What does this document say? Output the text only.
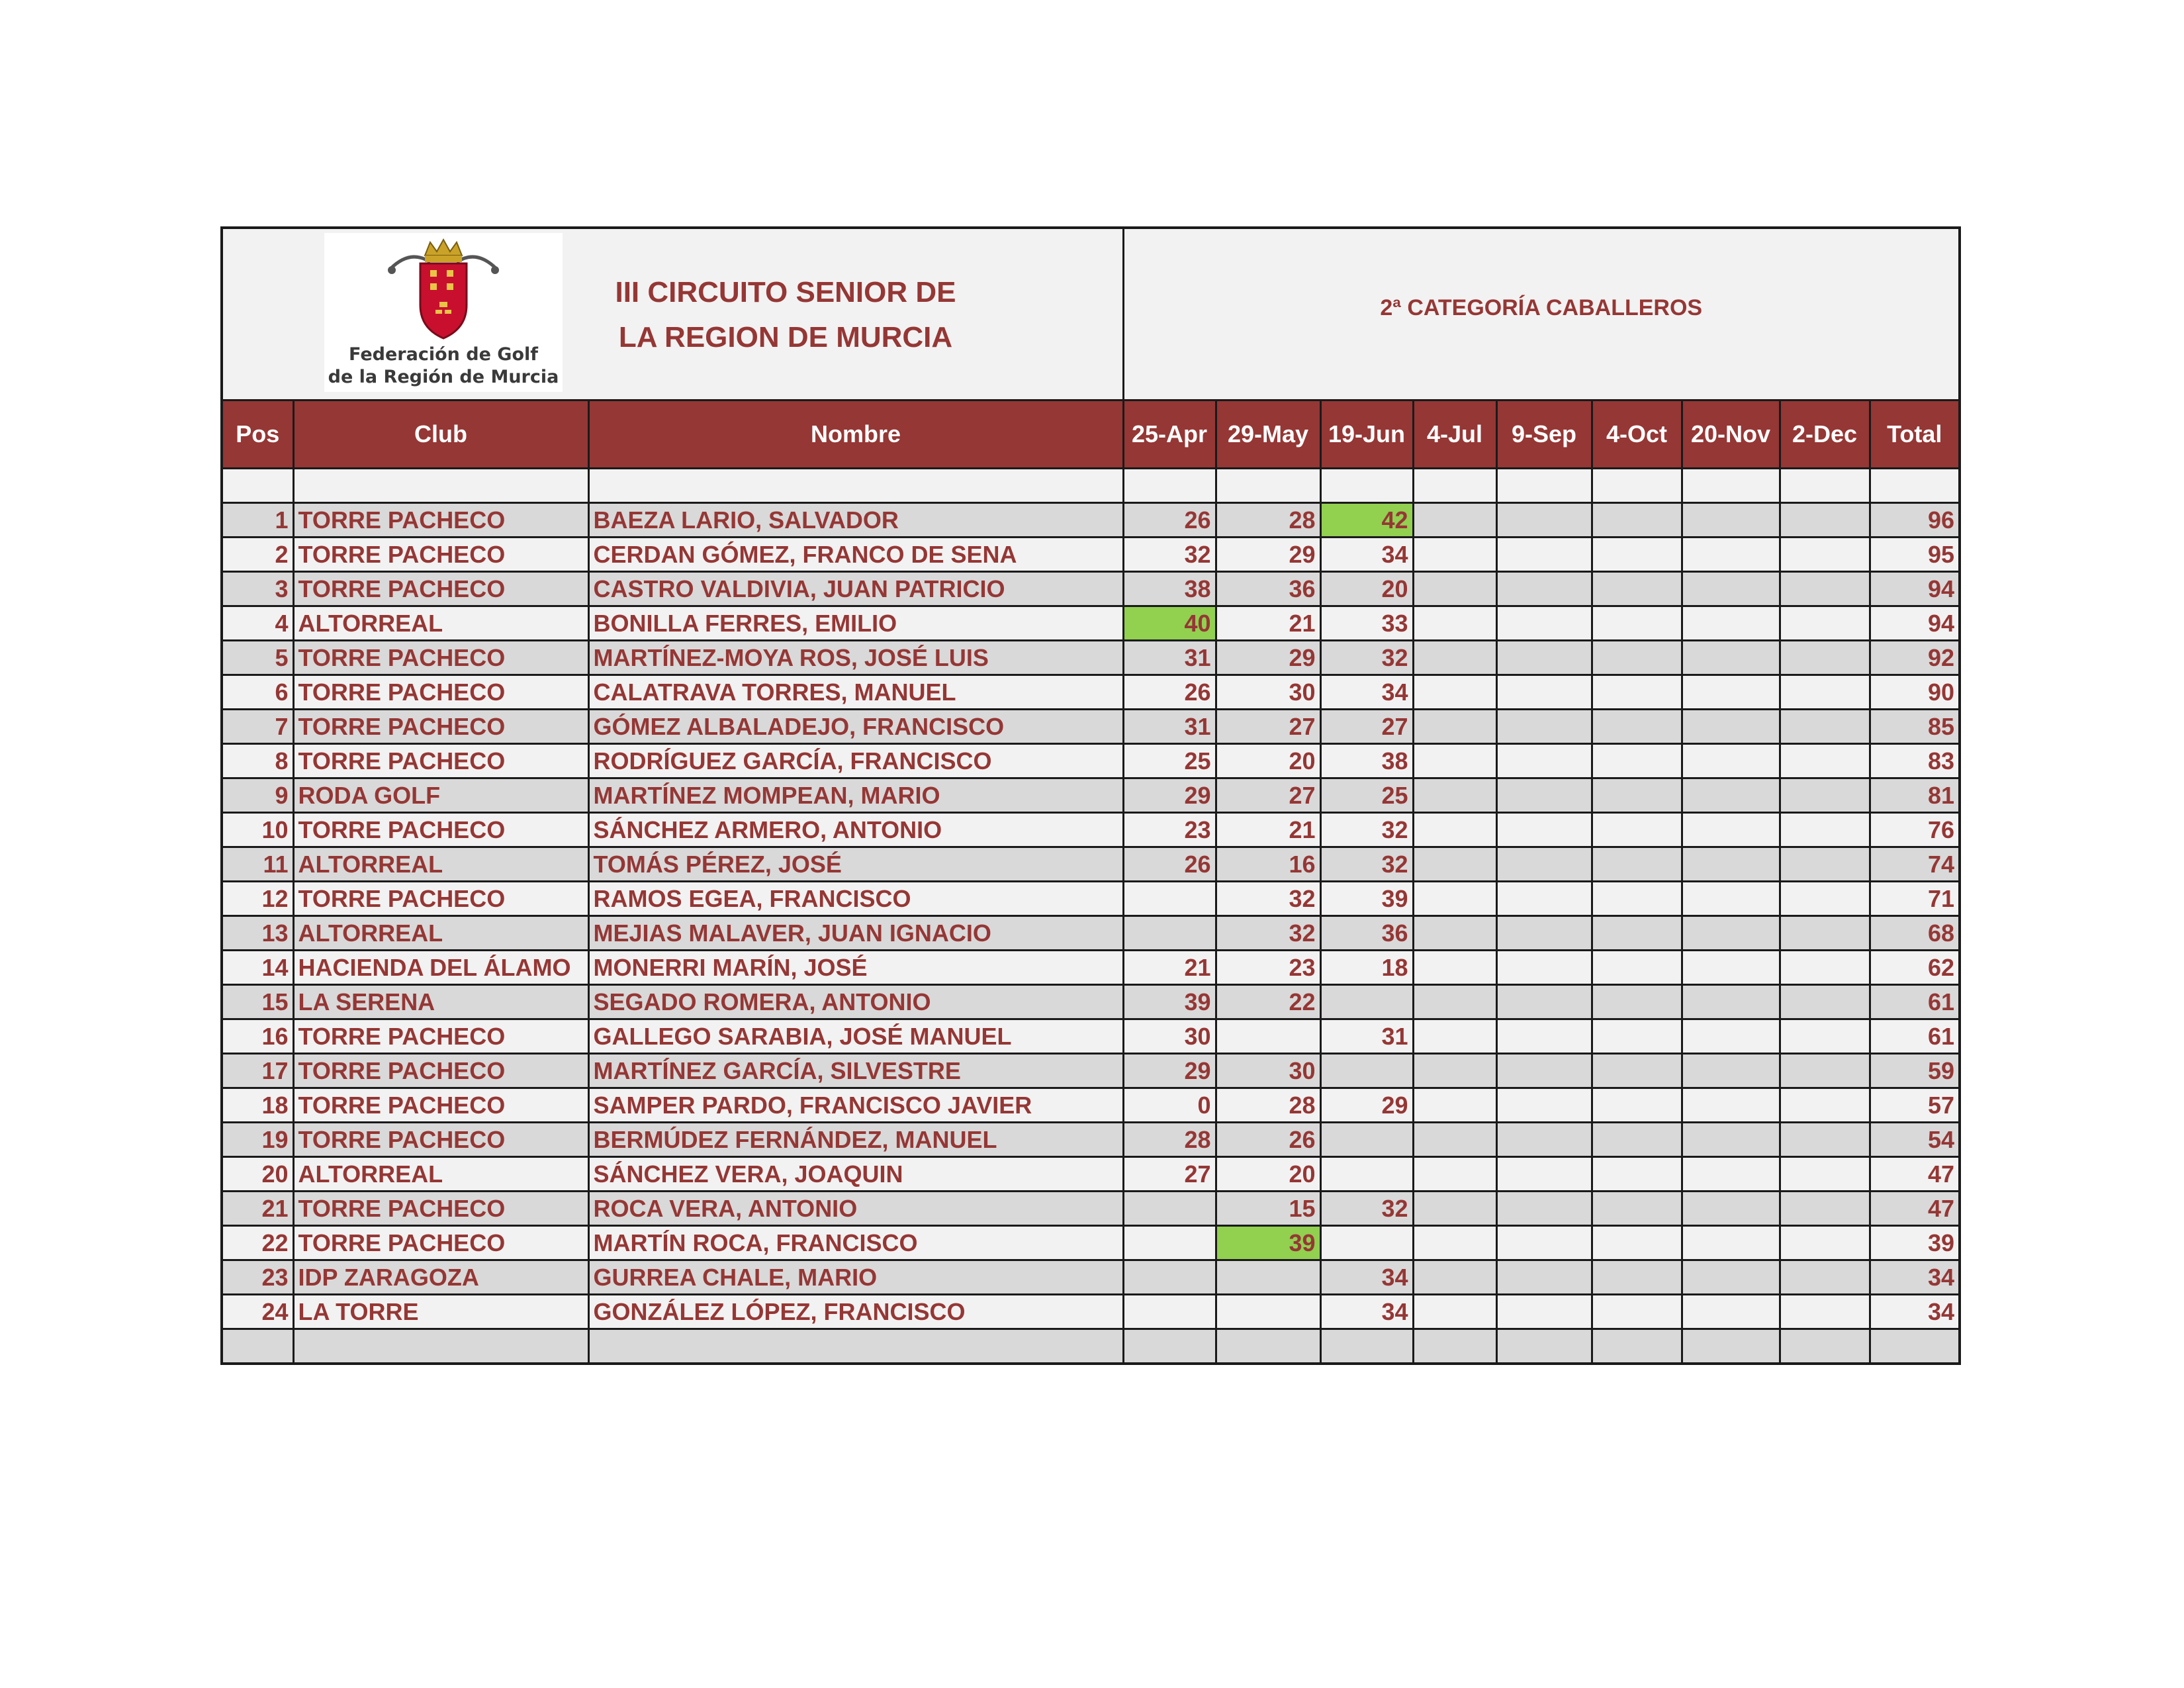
Federación de Golf
de la Región de Murcia
III CIRCUITO SENIOR DE
LA REGION DE MURCIA			2ª CATEGORÍA CABALLEROS								
Pos	Club	Nombre	25-Apr	29-May	19-Jun	4-Jul	9-Sep	4-Oct	20-Nov	2-Dec	Total

1	TORRE PACHECO	BAEZA LARIO, SALVADOR	26	28	42						96
2	TORRE PACHECO	CERDAN GÓMEZ, FRANCO DE SENA	32	29	34						95
3	TORRE PACHECO	CASTRO VALDIVIA, JUAN PATRICIO	38	36	20						94
4	ALTORREAL	BONILLA FERRES, EMILIO	40	21	33						94
5	TORRE PACHECO	MARTÍNEZ-MOYA ROS, JOSÉ LUIS	31	29	32						92
6	TORRE PACHECO	CALATRAVA TORRES, MANUEL	26	30	34						90
7	TORRE PACHECO	GÓMEZ ALBALADEJO, FRANCISCO	31	27	27						85
8	TORRE PACHECO	RODRÍGUEZ GARCÍA, FRANCISCO	25	20	38						83
9	RODA GOLF	MARTÍNEZ MOMPEAN, MARIO	29	27	25						81
10	TORRE PACHECO	SÁNCHEZ ARMERO, ANTONIO	23	21	32						76
11	ALTORREAL	TOMÁS PÉREZ, JOSÉ	26	16	32						74
12	TORRE PACHECO	RAMOS EGEA, FRANCISCO		32	39						71
13	ALTORREAL	MEJIAS MALAVER, JUAN IGNACIO		32	36						68
14	HACIENDA DEL ÁLAMO	MONERRI MARÍN, JOSÉ	21	23	18						62
15	LA SERENA	SEGADO ROMERA, ANTONIO	39	22							61
16	TORRE PACHECO	GALLEGO SARABIA, JOSÉ MANUEL	30		31						61
17	TORRE PACHECO	MARTÍNEZ GARCÍA, SILVESTRE	29	30							59
18	TORRE PACHECO	SAMPER PARDO, FRANCISCO JAVIER	0	28	29						57
19	TORRE PACHECO	BERMÚDEZ FERNÁNDEZ, MANUEL	28	26							54
20	ALTORREAL	SÁNCHEZ VERA, JOAQUIN	27	20							47
21	TORRE PACHECO	ROCA VERA, ANTONIO		15	32						47
22	TORRE PACHECO	MARTÍN ROCA, FRANCISCO		39							39
23	IDP ZARAGOZA	GURREA CHALE, MARIO			34						34
24	LA TORRE	GONZÁLEZ LÓPEZ, FRANCISCO			34						34
